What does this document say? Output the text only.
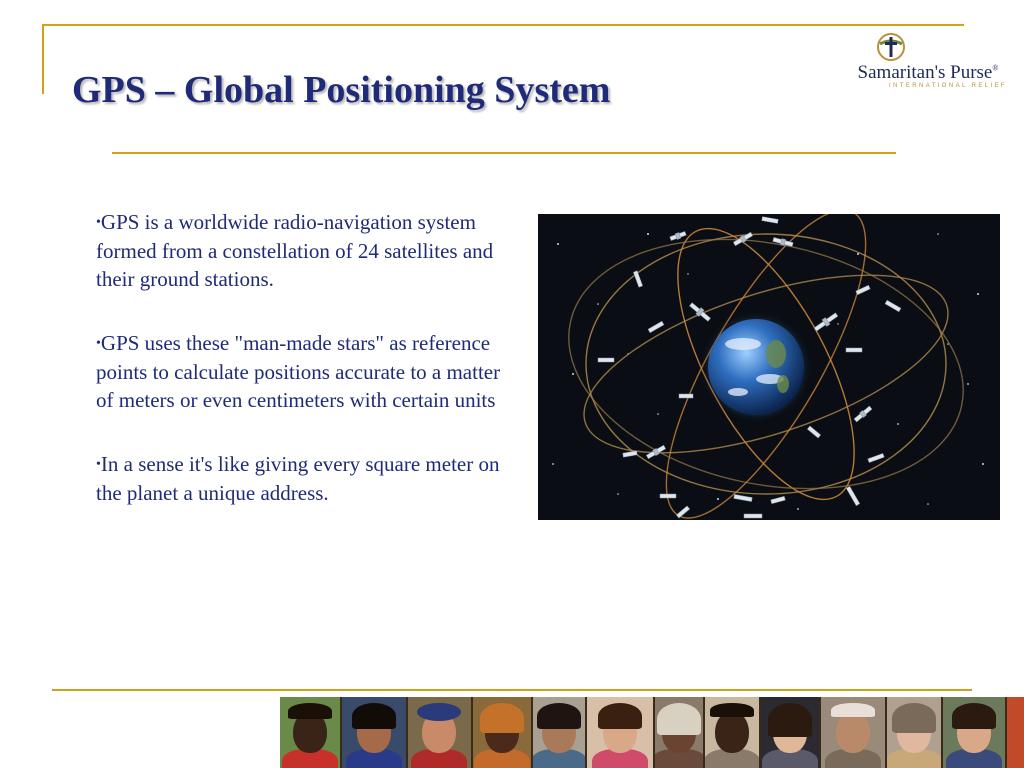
GPS – Global Positioning System	Samaritan's Purse®
INTERNATIONAL RELIEF
•GPS is a worldwide radio-navigation system formed from a constellation of 24 satellites and their ground stations.
•GPS uses these "man-made stars" as reference points to calculate positions accurate to a matter of meters or even centimeters with certain units
•In a sense it's like giving every square meter on the planet a unique address.
